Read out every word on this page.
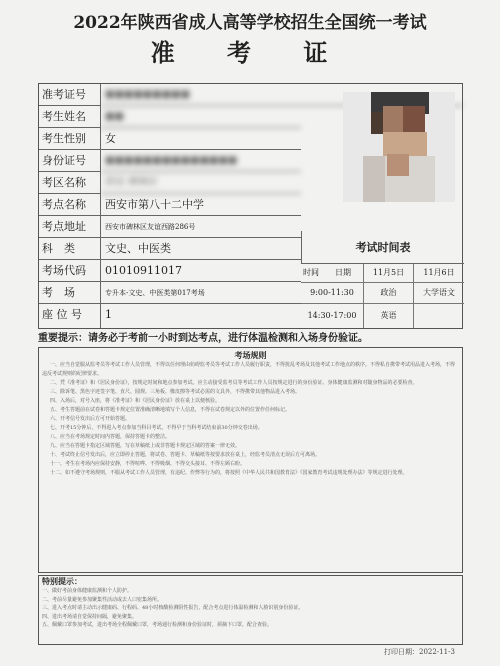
2022年陕西省成人高等学校招生全国统一考试
准 考 证
准考证号	■■■■■■■■■
考生姓名	■■
考生性别	女
身份证号	■■■■■■■■■■■■■■
考区名称	西安 碑林区
考点名称	西安市第八十二中学
考点地址	西安市碑林区友谊西路286号
科　类	文史、中医类
考场代码	01010911017
考　场	专升本-文史、中医类第017考场
座 位 号	1
考试时间表
时间　　日期	11月5日	11月6日
9:00-11:30	政治	大学语文
14:30-17:00	英语
重要提示：请务必于考前一小时到达考点，进行体温检测和入场身份验证。
考场规则

一、应当自觉服从监考员等考试工作人员管理，不得以任何理由妨碍监考员等考试工作人员履行职责，不得扰乱考场及其他考试工作地点的秩序。不得私自携带考试用品进入考场，不得违反考试规则的纪律要求。

二、凭《准考证》和《居民身份证》，按规定时间和地点参加考试。应主动接受监考员等考试工作人员按规定进行的身份验证、身体健康监测和对随身物品的必要检查。

三、除诉笔、黑色字迹签字笔、直尺、圆规、三角板、橡皮擦等考试必需的文具外，不得携带其他物品进入考场。

四、入场后，对号入座，将《准考证》和《居民身份证》放在桌上以便核验。

五、考生答题前在试卷和答题卡规定位置准确清晰地填写个人信息，不得在试卷规定以外的位置作任何标记。

六、开考信号发出后方可开始答题。

七、开考15分钟后，不得进入考点参加当科目考试，不得早于当科考试结束前30分钟交卷出场。

八、应当在考场规定时间内答题，保持答题卡的整洁。

九、应当在答题卡指定区域答题，写在草稿纸上或非答题卡规定区域的答案一律无效。

十、考试终止信号发出后，应立即停止答题，将试卷、答题卡、草稿纸等按要求放在桌上，经监考员清点无误后方可离场。

十一、考生在考场内应保持安静，不得喧哗、不得吸烟、不得交头接耳、不得左顾右盼。

十二、如不遵守考场规则，不服从考试工作人员管理，有违纪、作弊等行为的，将按照《中华人民共和国教育法》《国家教育考试违规处理办法》等规定进行处理。

特别提示：

一、做好考前身体健康监测和个人防护。

二、考前尽量避免参加聚集性活动或去人口密集场所。

三、进入考点时请主动出示健康码、行程码、48小时核酸检测阴性报告，配合考点进行体温检测和人脸识别身份验证。

四、进出考场请自觉保持间隔，避免聚集。

五、佩戴口罩参加考试，进出考场全程佩戴口罩，考场通行检测和身份验证时，须摘下口罩，配合查验。

打印日期：2022-11-3
